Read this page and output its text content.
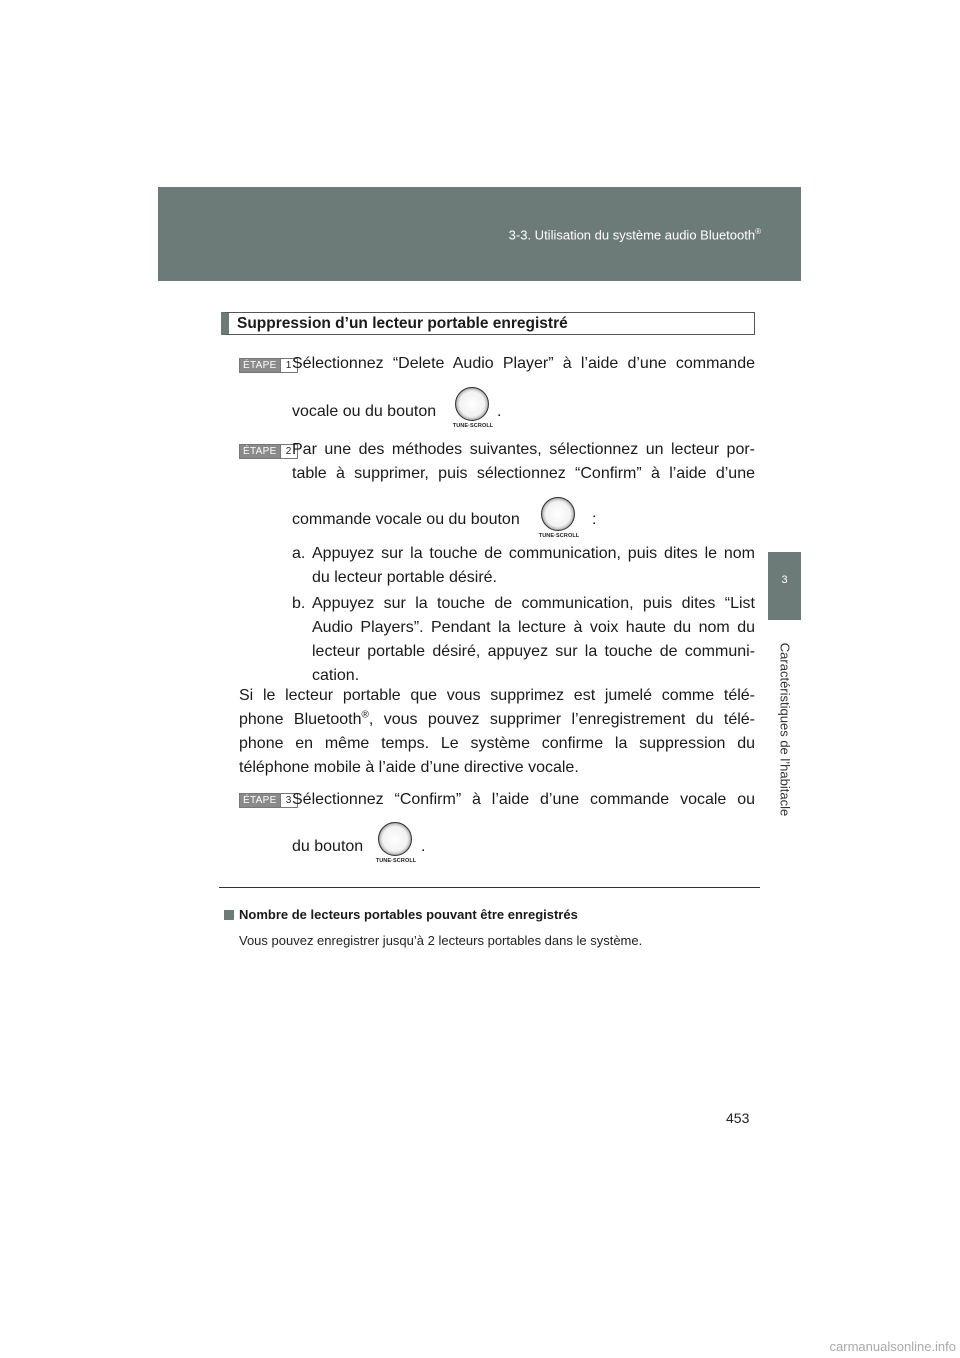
3-3. Utilisation du système audio Bluetooth®
3
Caractéristiques de l’habitacle
Suppression d’un lecteur portable enregistré
ÉTAPE 1 Sélectionnez “Delete Audio Player” à l’aide d’une commande
vocale ou du bouton
TUNE·SCROLL
.
ÉTAPE 2 Par une des méthodes suivantes, sélectionnez un lecteur por-
table à supprimer, puis sélectionnez “Confirm” à l’aide d’une
commande vocale ou du bouton
TUNE·SCROLL
:
a. Appuyez sur la touche de communication, puis dites le nom
du lecteur portable désiré.
b. Appuyez sur la touche de communication, puis dites “List
Audio Players”. Pendant la lecture à voix haute du nom du
lecteur portable désiré, appuyez sur la touche de communi-
cation.
Si le lecteur portable que vous supprimez est jumelé comme télé-
phone Bluetooth®, vous pouvez supprimer l’enregistrement du télé-
phone en même temps. Le système confirme la suppression du
téléphone mobile à l’aide d’une directive vocale.
ÉTAPE 3 Sélectionnez “Confirm” à l’aide d’une commande vocale ou
du bouton
TUNE·SCROLL
.
Nombre de lecteurs portables pouvant être enregistrés
Vous pouvez enregistrer jusqu’à 2 lecteurs portables dans le système.
453
carmanualsonline.info
